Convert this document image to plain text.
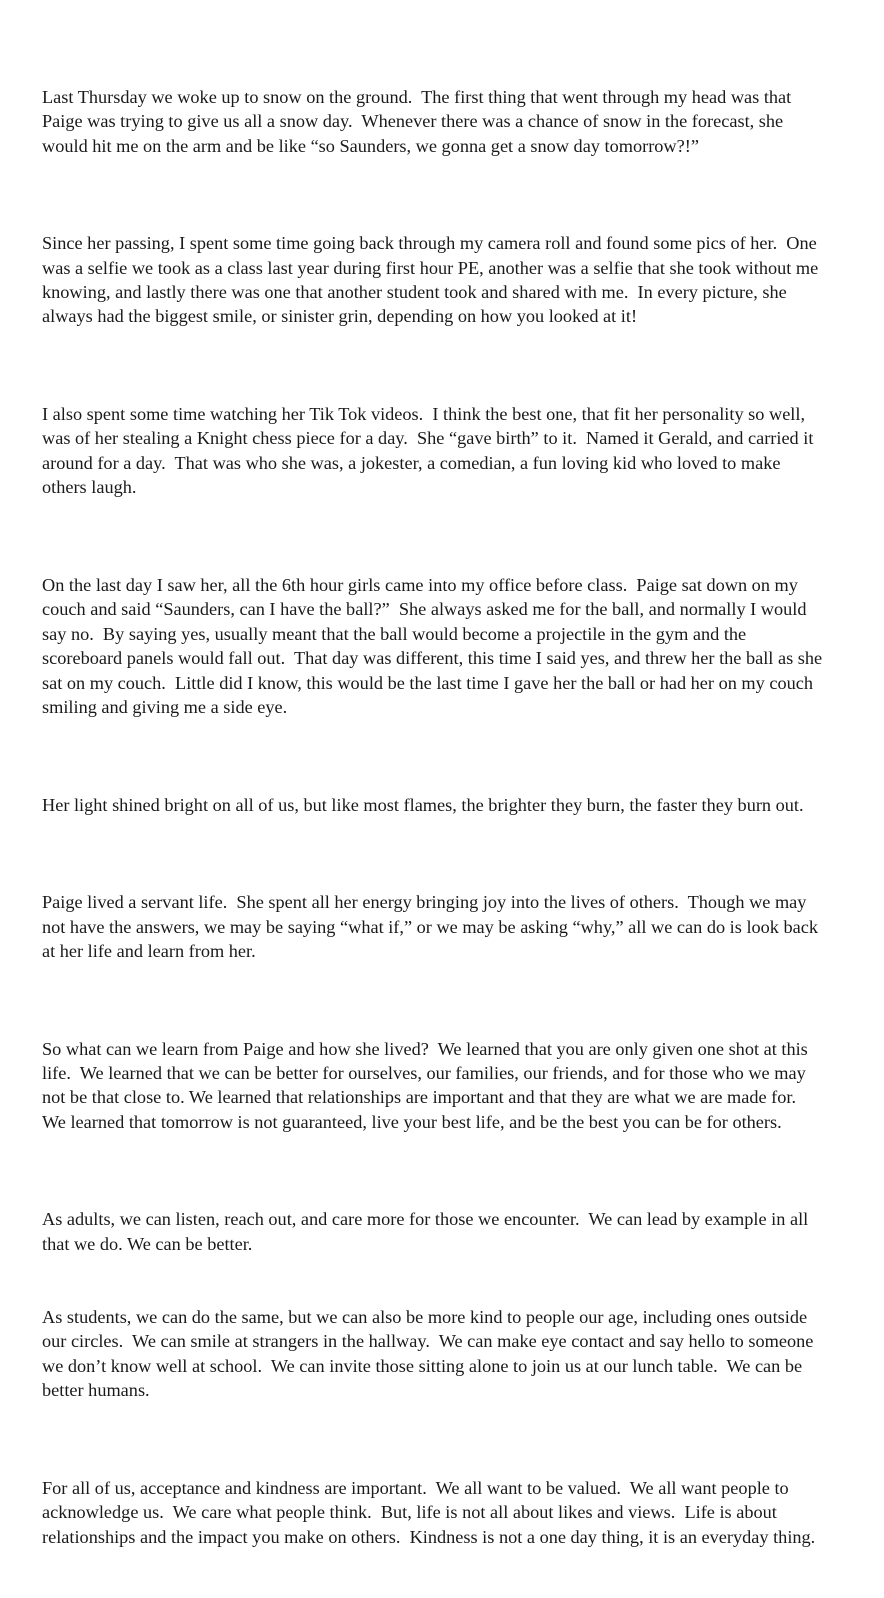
Last Thursday we woke up to snow on the ground.  The first thing that went through my head was that
Paige was trying to give us all a snow day.  Whenever there was a chance of snow in the forecast, she
would hit me on the arm and be like “so Saunders, we gonna get a snow day tomorrow?!”

Since her passing, I spent some time going back through my camera roll and found some pics of her.  One
was a selfie we took as a class last year during first hour PE, another was a selfie that she took without me
knowing, and lastly there was one that another student took and shared with me.  In every picture, she
always had the biggest smile, or sinister grin, depending on how you looked at it!

I also spent some time watching her Tik Tok videos.  I think the best one, that fit her personality so well,
was of her stealing a Knight chess piece for a day.  She “gave birth” to it.  Named it Gerald, and carried it
around for a day.  That was who she was, a jokester, a comedian, a fun loving kid who loved to make
others laugh.

On the last day I saw her, all the 6th hour girls came into my office before class.  Paige sat down on my
couch and said “Saunders, can I have the ball?”  She always asked me for the ball, and normally I would
say no.  By saying yes, usually meant that the ball would become a projectile in the gym and the
scoreboard panels would fall out.  That day was different, this time I said yes, and threw her the ball as she
sat on my couch.  Little did I know, this would be the last time I gave her the ball or had her on my couch
smiling and giving me a side eye.

Her light shined bright on all of us, but like most flames, the brighter they burn, the faster they burn out.

Paige lived a servant life.  She spent all her energy bringing joy into the lives of others.  Though we may
not have the answers, we may be saying “what if,” or we may be asking “why,” all we can do is look back
at her life and learn from her.

So what can we learn from Paige and how she lived?  We learned that you are only given one shot at this
life.  We learned that we can be better for ourselves, our families, our friends, and for those who we may
not be that close to. We learned that relationships are important and that they are what we are made for.
We learned that tomorrow is not guaranteed, live your best life, and be the best you can be for others.

As adults, we can listen, reach out, and care more for those we encounter.  We can lead by example in all
that we do. We can be better.

As students, we can do the same, but we can also be more kind to people our age, including ones outside
our circles.  We can smile at strangers in the hallway.  We can make eye contact and say hello to someone
we don’t know well at school.  We can invite those sitting alone to join us at our lunch table.  We can be
better humans.

For all of us, acceptance and kindness are important.  We all want to be valued.  We all want people to
acknowledge us.  We care what people think.  But, life is not all about likes and views.  Life is about
relationships and the impact you make on others.  Kindness is not a one day thing, it is an everyday thing.
